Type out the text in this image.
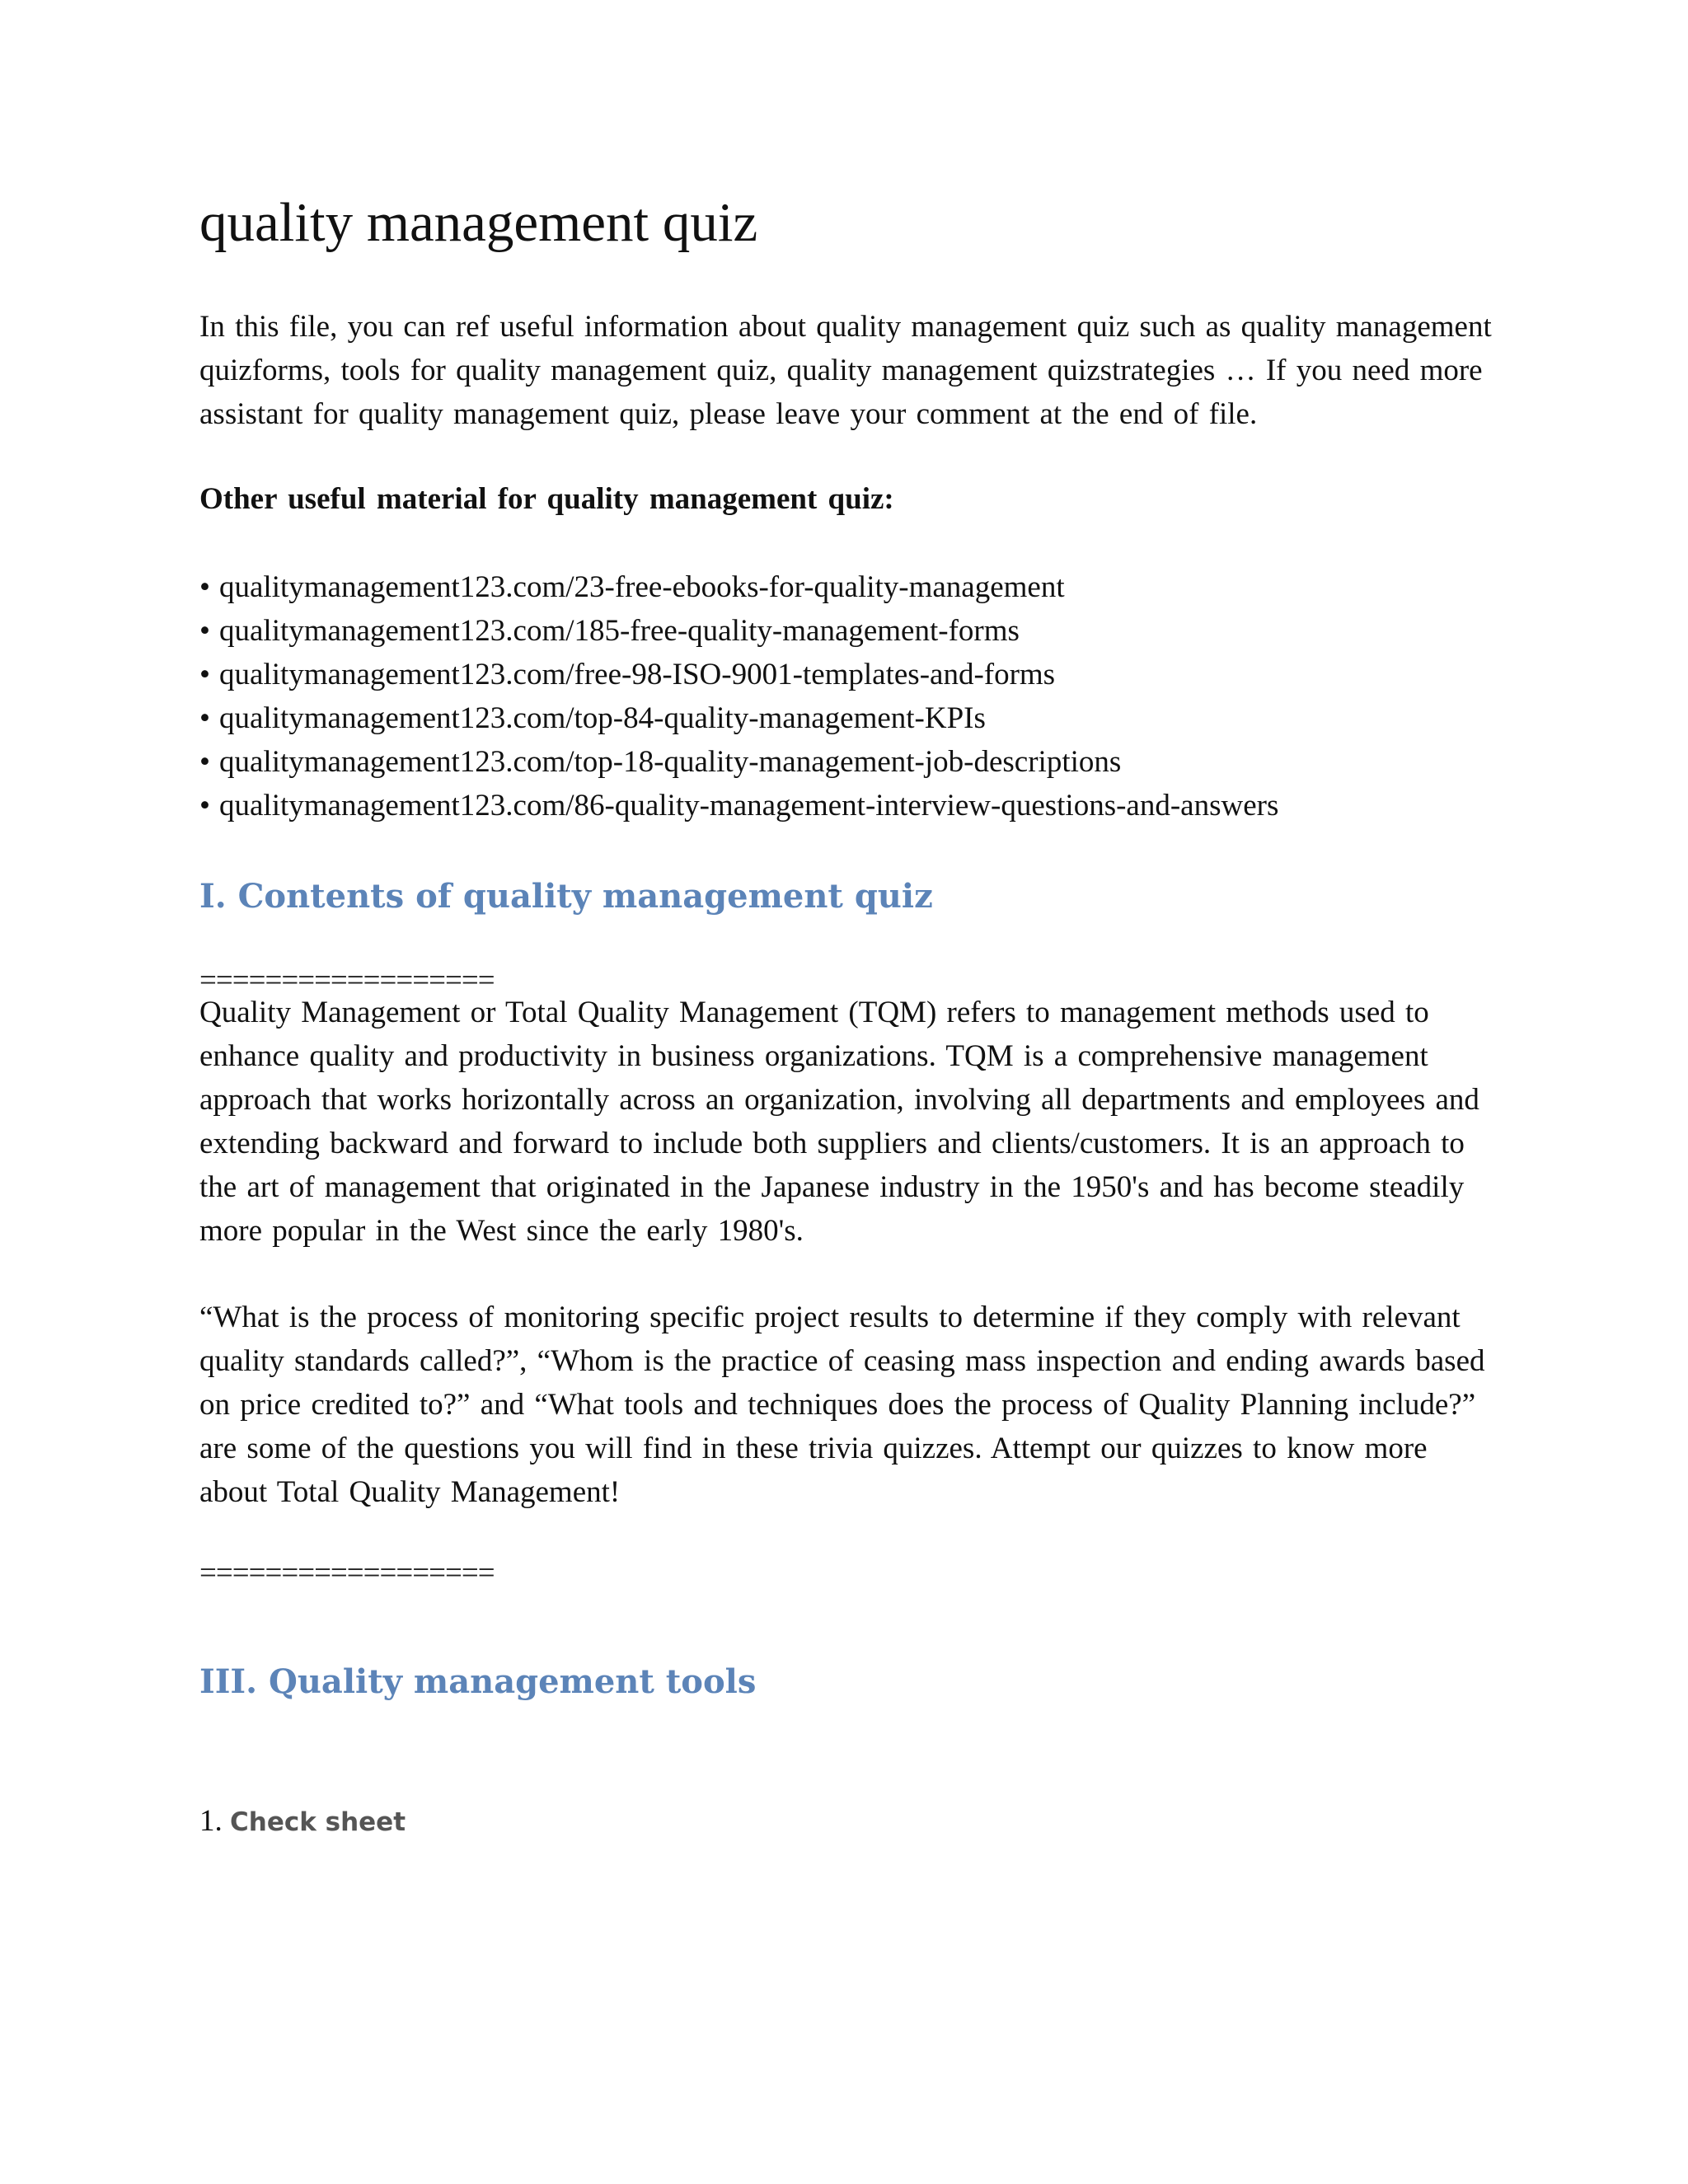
quality management quiz

In this file, you can ref useful information about quality management quiz such as quality management quizforms, tools for quality management quiz, quality management quizstrategies … If you need more assistant for quality management quiz, please leave your comment at the end of file.

Other useful material for quality management quiz:

• qualitymanagement123.com/23-free-ebooks-for-quality-management
• qualitymanagement123.com/185-free-quality-management-forms
• qualitymanagement123.com/free-98-ISO-9001-templates-and-forms
• qualitymanagement123.com/top-84-quality-management-KPIs
• qualitymanagement123.com/top-18-quality-management-job-descriptions
• qualitymanagement123.com/86-quality-management-interview-questions-and-answers
I. Contents of quality management quiz

==================

Quality Management or Total Quality Management (TQM) refers to management methods used to enhance quality and productivity in business organizations. TQM is a comprehensive management approach that works horizontally across an organization, involving all departments and employees and extending backward and forward to include both suppliers and clients/customers. It is an approach to the art of management that originated in the Japanese industry in the 1950's and has become steadily more popular in the West since the early 1980's.

“What is the process of monitoring specific project results to determine if they comply with relevant quality standards called?”, “Whom is the practice of ceasing mass inspection and ending awards based on price credited to?” and “What tools and techniques does the process of Quality Planning include?” are some of the questions you will find in these trivia quizzes. Attempt our quizzes to know more about Total Quality Management!

==================

III. Quality management tools

1. Check sheet
